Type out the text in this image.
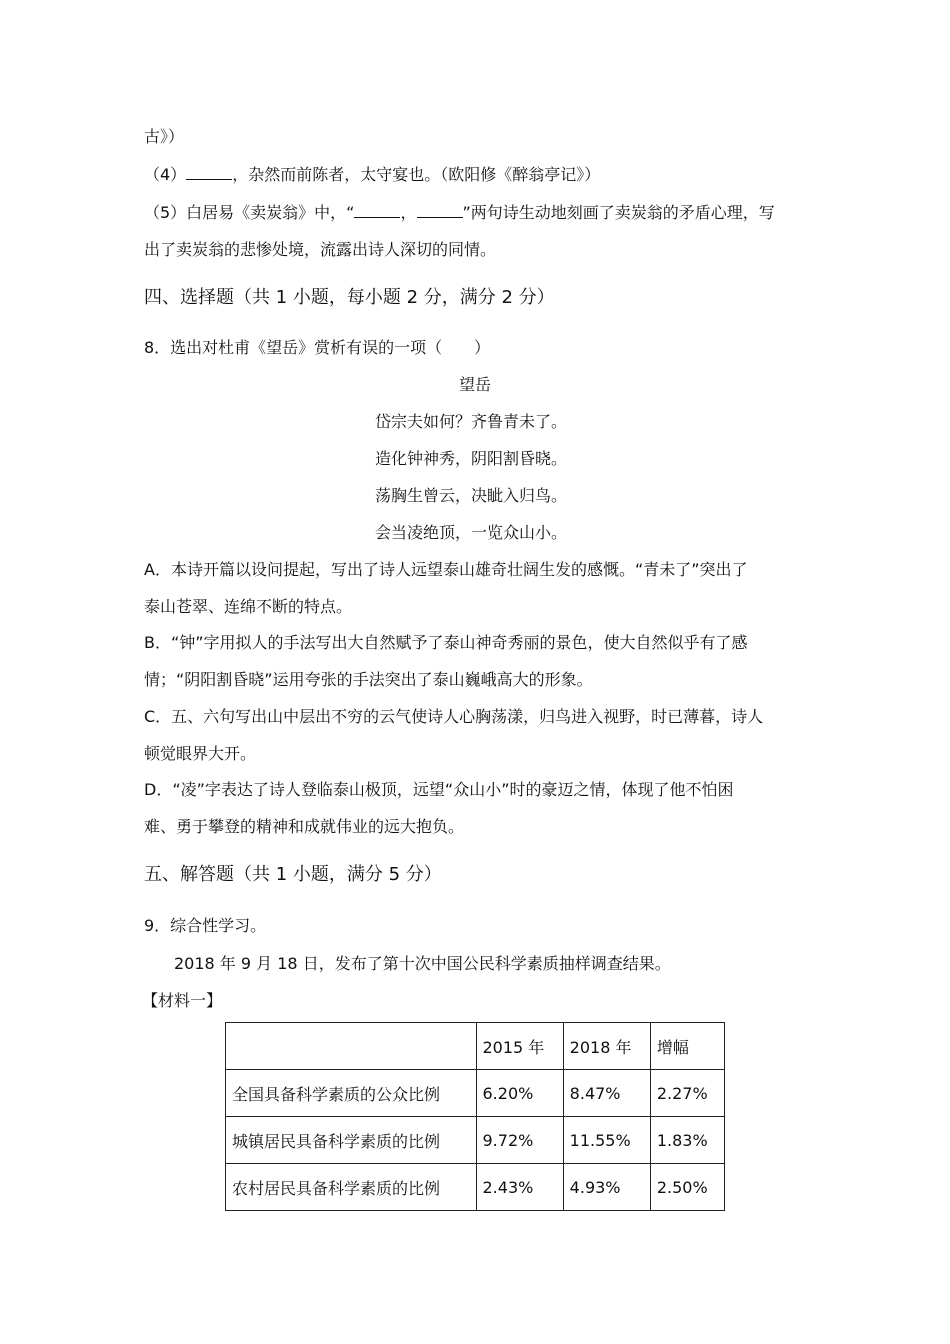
古》）
（4）	，杂然而前陈者，太守宴也。（欧阳修《醉翁亭记》）
（5）白居易《卖炭翁》中，“	，	”两句诗生动地刻画了卖炭翁的矛盾心理，写
出了卖炭翁的悲惨处境，流露出诗人深切的同情。
四、选择题（共 1 小题，每小题 2 分，满分 2 分）
8．选出对杜甫《望岳》赏析有误的一项（　　）
望岳
岱宗夫如何？齐鲁青未了。
造化钟神秀，阴阳割昏晓。
荡胸生曾云，决眦入归鸟。
会当凌绝顶，一览众山小。
A．本诗开篇以设问提起，写出了诗人远望泰山雄奇壮阔生发的感慨。“青未了”突出了
泰山苍翠、连绵不断的特点。
B．“钟”字用拟人的手法写出大自然赋予了泰山神奇秀丽的景色，使大自然似乎有了感
情；“阴阳割昏晓”运用夸张的手法突出了泰山巍峨高大的形象。
C．五、六句写出山中层出不穷的云气使诗人心胸荡漾，归鸟进入视野，时已薄暮，诗人
顿觉眼界大开。
D．“凌”字表达了诗人登临泰山极顶，远望“众山小”时的豪迈之情，体现了他不怕困
难、勇于攀登的精神和成就伟业的远大抱负。
五、解答题（共 1 小题，满分 5 分）
9．综合性学习。
2018 年 9 月 18 日，发布了第十次中国公民科学素质抽样调查结果。
【材料一】
	2015 年	2018 年	增幅
全国具备科学素质的公众比例	6.20%	8.47%	2.27%
城镇居民具备科学素质的比例	9.72%	11.55%	1.83%
农村居民具备科学素质的比例	2.43%	4.93%	2.50%
